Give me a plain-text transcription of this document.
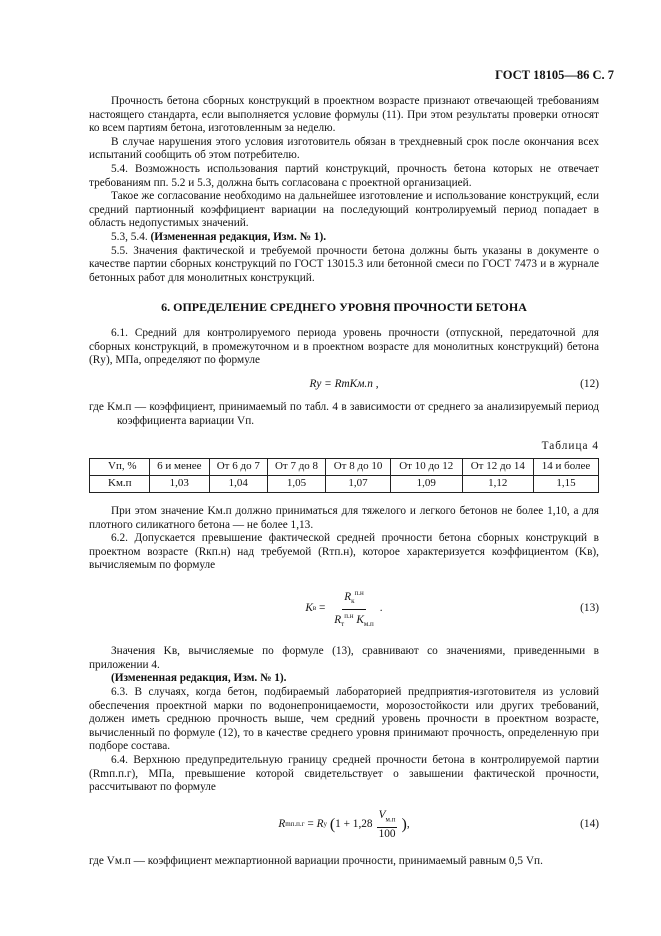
ГОСТ 18105—86 С. 7

Прочность бетона сборных конструкций в проектном возрасте признают отвечающей требованиям настоящего стандарта, если выполняется условие формулы (11). При этом результаты проверки относят ко всем партиям бетона, изготовленным за неделю.

В случае нарушения этого условия изготовитель обязан в трехдневный срок после окончания всех испытаний сообщить об этом потребителю.

5.4. Возможность использования партий конструкций, прочность бетона которых не отвечает требованиям пп. 5.2 и 5.3, должна быть согласована с проектной организацией.

Такое же согласование необходимо на дальнейшее изготовление и использование конструкций, если средний партионный коэффициент вариации на последующий контролируемый период попадает в область недопустимых значений.

5.3, 5.4. (Измененная редакция, Изм. № 1).

5.5. Значения фактической и требуемой прочности бетона должны быть указаны в документе о качестве партии сборных конструкций по ГОСТ 13015.3 или бетонной смеси по ГОСТ 7473 и в журнале бетонных работ для монолитных конструкций.

6. ОПРЕДЕЛЕНИЕ СРЕДНЕГО УРОВНЯ ПРОЧНОСТИ БЕТОНА

6.1. Средний для контролируемого периода уровень прочности (отпускной, передаточной для сборных конструкций, в промежуточном и в проектном возрасте для монолитных конструкций) бетона (Rу), МПа, определяют по формуле

Rу = RтKм.п ,	(12)

где Kм.п — коэффициент, принимаемый по табл. 4 в зависимости от среднего за анализируемый период коэффициента вариации Vп.

Таблица 4

Vп, %	6 и менее	От 6 до 7	От 7 до 8	От 8 до 10	От 10 до 12	От 12 до 14	14 и более
Kм.п	1,03	1,04	1,05	1,07	1,09	1,12	1,15

При этом значение Kм.п должно приниматься для тяжелого и легкого бетонов не более 1,10, а для плотного силикатного бетона — не более 1,13.

6.2. Допускается превышение фактической средней прочности бетона сборных конструкций в проектном возрасте (Rкп.н) над требуемой (Rтп.н), которое характеризуется коэффициентом (Kв), вычисляемым по формуле

K $в = \frac{R_к^{п.н}}{R_т^{п.н} K_{м.п}}$ .	(13)

Значения Kв, вычисляемые по формуле (13), сравнивают со значениями, приведенными в приложении 4.

(Измененная редакция, Изм. № 1).

6.3. В случаях, когда бетон, подбираемый лабораторией предприятия-изготовителя из условий обеспечения проектной марки по водонепроницаемости, морозостойкости или других требований, должен иметь среднюю прочность выше, чем средний уровень прочности в проектном возрасте, вычисленный по формуле (12), то в качестве среднего уровня принимают прочность, определенную при подборе состава.

6.4. Верхнюю предупредительную границу средней прочности бетона в контролируемой партии (Rmп.п.г), МПа, превышение которой свидетельствует о завышении фактической прочности, рассчитывают по формуле

R m п.п.г = R у
( $1 + 1,28 \frac{V_{м.п}}{100}$ ) ,	(14)

где Vм.п — коэффициент межпартионной вариации прочности, принимаемый равным 0,5 Vп.
